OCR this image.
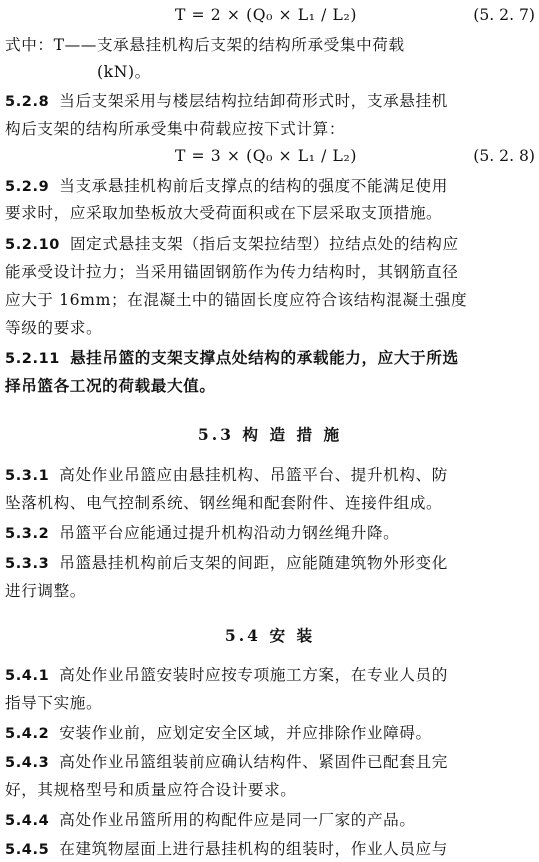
T = 2 × (Q₀ × L₁ / L₂)	(5. 2. 7)
式中：T——支承悬挂机构后支架的结构所承受集中荷载
(kN)。
5.2.8 当后支架采用与楼层结构拉结卸荷形式时，支承悬挂机
构后支架的结构所承受集中荷载应按下式计算：
T = 3 × (Q₀ × L₁ / L₂)	(5. 2. 8)
5.2.9 当支承悬挂机构前后支撑点的结构的强度不能满足使用
要求时，应采取加垫板放大受荷面积或在下层采取支顶措施。
5.2.10 固定式悬挂支架（指后支架拉结型）拉结点处的结构应
能承受设计拉力；当采用锚固钢筋作为传力结构时，其钢筋直径
应大于 16mm；在混凝土中的锚固长度应符合该结构混凝土强度
等级的要求。
5.2.11 悬挂吊篮的支架支撑点处结构的承载能力，应大于所选
择吊篮各工况的荷载最大值。
5.3 构 造 措 施
5.3.1 高处作业吊篮应由悬挂机构、吊篮平台、提升机构、防
坠落机构、电气控制系统、钢丝绳和配套附件、连接件组成。
5.3.2 吊篮平台应能通过提升机构沿动力钢丝绳升降。
5.3.3 吊篮悬挂机构前后支架的间距，应能随建筑物外形变化
进行调整。
5.4 安 装
5.4.1 高处作业吊篮安装时应按专项施工方案，在专业人员的
指导下实施。
5.4.2 安装作业前，应划定安全区域，并应排除作业障碍。
5.4.3 高处作业吊篮组装前应确认结构件、紧固件已配套且完
好，其规格型号和质量应符合设计要求。
5.4.4 高处作业吊篮所用的构配件应是同一厂家的产品。
5.4.5 在建筑物屋面上进行悬挂机构的组装时，作业人员应与
